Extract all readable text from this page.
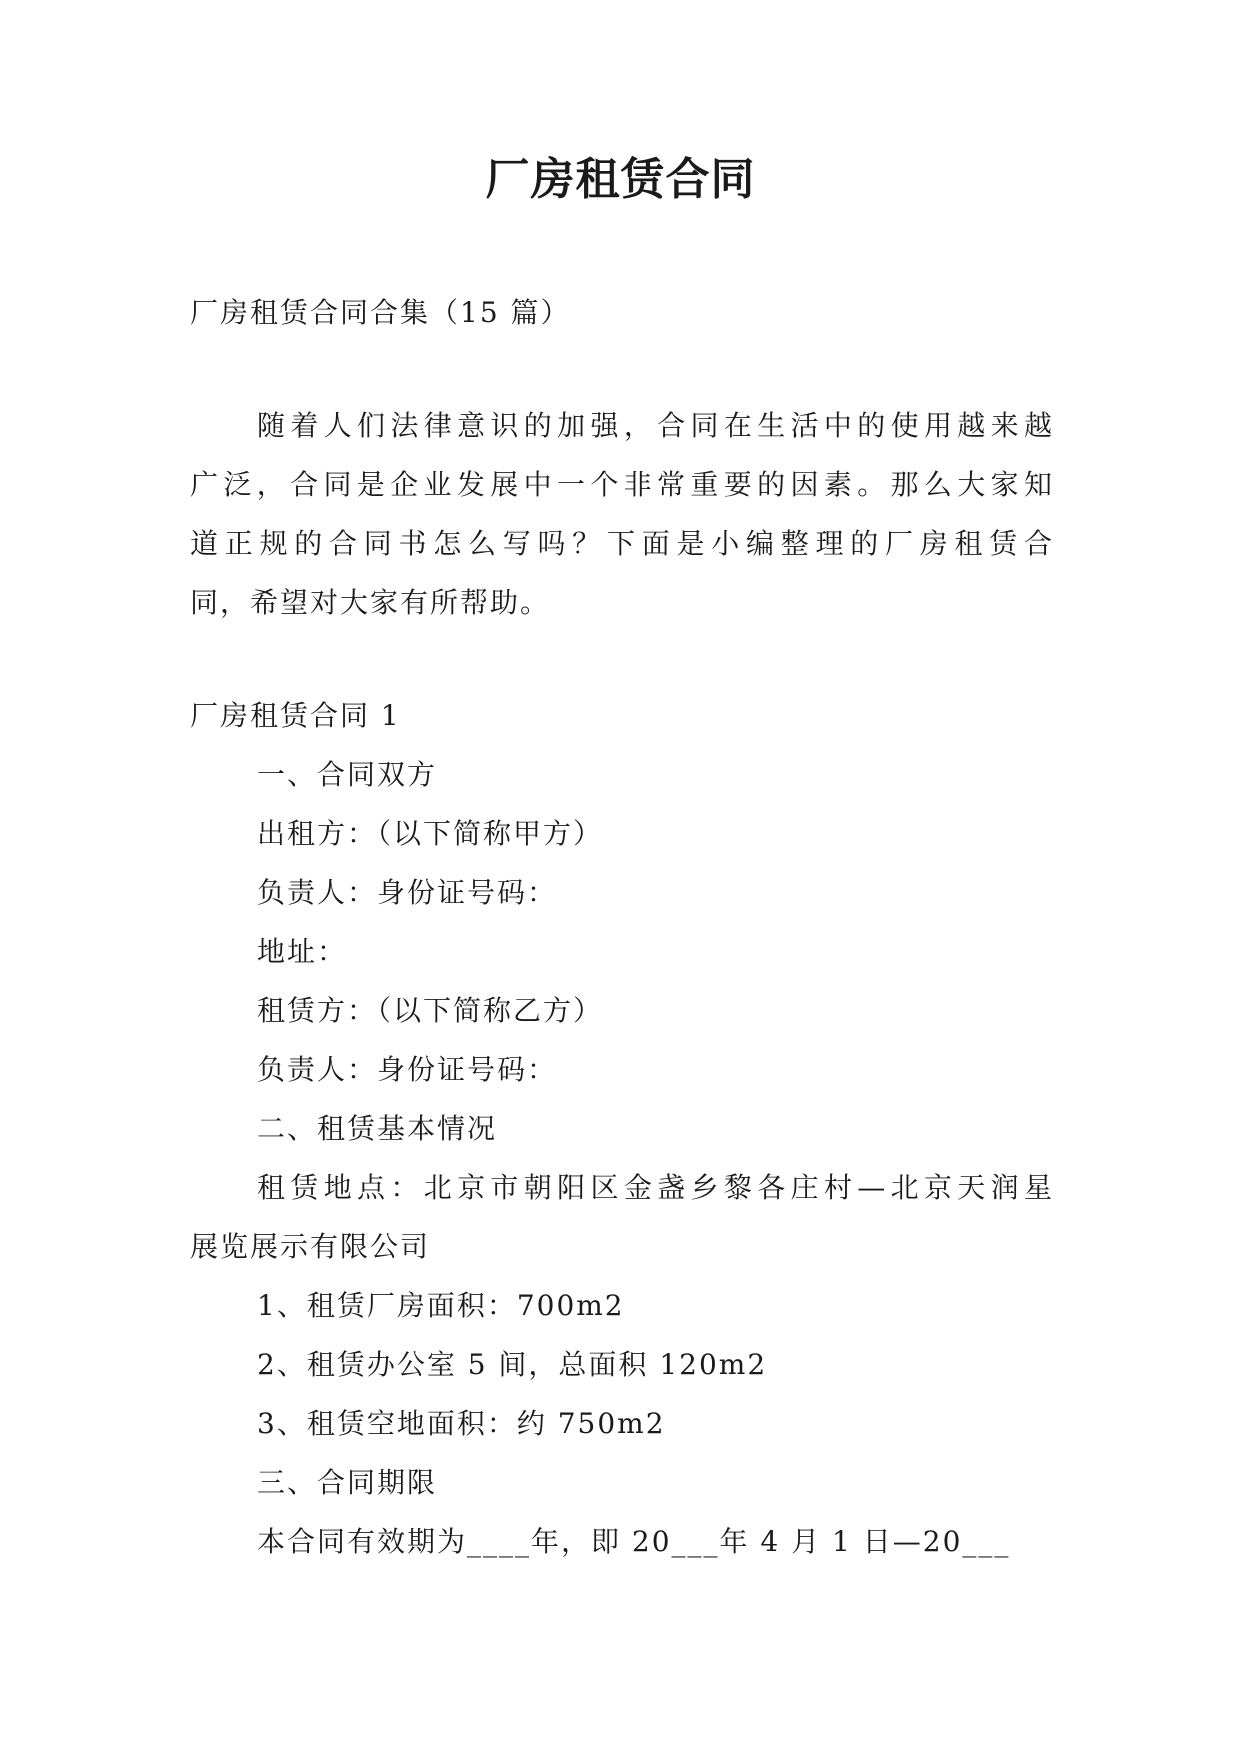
厂房租赁合同
厂房租赁合同合集（15 篇）
随着人们法律意识的加强，合同在生活中的使用越来越
广泛，合同是企业发展中一个非常重要的因素。那么大家知
道正规的合同书怎么写吗？下面是小编整理的厂房租赁合
同，希望对大家有所帮助。
厂房租赁合同 1
一、合同双方
出租方：（以下简称甲方）
负责人：身份证号码：
地址：
租赁方：（以下简称乙方）
负责人：身份证号码：
二、租赁基本情况
租赁地点：北京市朝阳区金盏乡黎各庄村—北京天润星
展览展示有限公司
1、租赁厂房面积：700m2
2、租赁办公室 5 间，总面积 120m2
3、租赁空地面积：约 750m2
三、合同期限
本合同有效期为____年，即 20___年 4 月 1 日—20___
